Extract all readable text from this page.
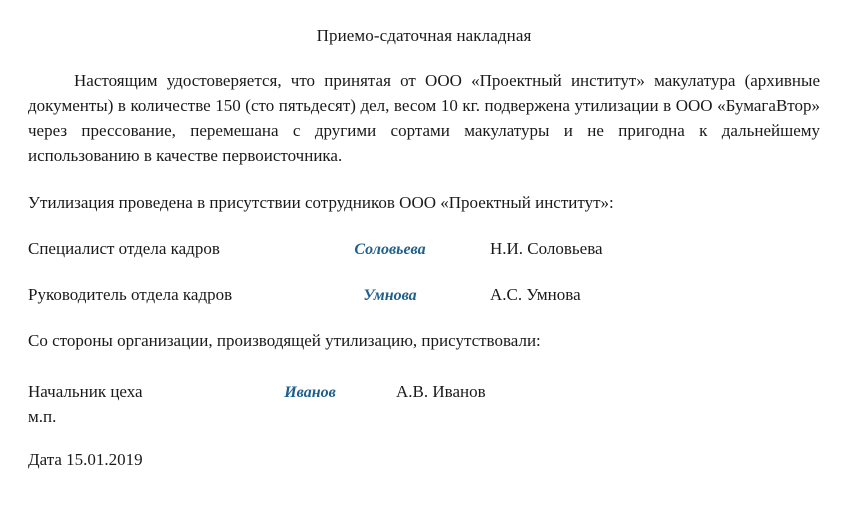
Приемо-сдаточная накладная
Настоящим удостоверяется, что принятая от ООО «Проектный институт» макулатура (архивные документы) в количестве 150 (сто пятьдесят) дел, весом 10 кг. подвержена утилизации в ООО «БумагаВтор» через прессование, перемешана с другими сортами макулатуры и не пригодна к дальнейшему использованию в качестве первоисточника.
Утилизация проведена в присутствии сотрудников ООО «Проектный институт»:
Специалист отдела кадров	Соловьева	Н.И. Соловьева
Руководитель отдела кадров	Умнова	А.С. Умнова
Со стороны организации, производящей утилизацию, присутствовали:
Начальник цеха	Иванов	А.В. Иванов
м.п.
Дата 15.01.2019
